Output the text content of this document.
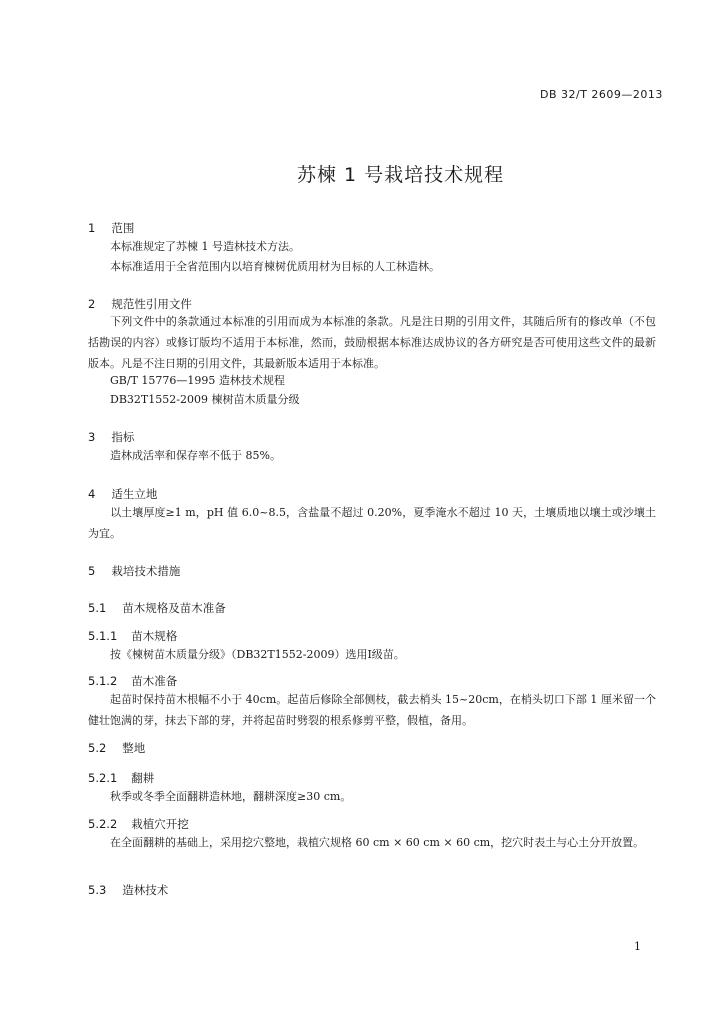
DB 32/T 2609—2013
苏楝 1 号栽培技术规程
1 范围
本标准规定了苏楝 1 号造林技术方法。
本标准适用于全省范围内以培育楝树优质用材为目标的人工林造林。
2 规范性引用文件
下列文件中的条款通过本标准的引用而成为本标准的条款。凡是注日期的引用文件，其随后所有的修改单（不包括勘误的内容）或修订版均不适用于本标准，然而，鼓励根据本标准达成协议的各方研究是否可使用这些文件的最新版本。凡是不注日期的引用文件，其最新版本适用于本标准。
GB/T 15776—1995 造林技术规程
DB32T1552-2009 楝树苗木质量分级
3 指标
造林成活率和保存率不低于 85%。
4 适生立地
以土壤厚度≥1 m，pH 值 6.0~8.5，含盐量不超过 0.20%，夏季淹水不超过 10 天，土壤质地以壤土或沙壤土为宜。
5 栽培技术措施
5.1 苗木规格及苗木准备
5.1.1 苗木规格
按《楝树苗木质量分级》（DB32T1552-2009）选用Ⅰ级苗。
5.1.2 苗木准备
起苗时保持苗木根幅不小于 40cm。起苗后修除全部侧枝，截去梢头 15~20cm，在梢头切口下部 1 厘米留一个健壮饱满的芽，抹去下部的芽，并将起苗时劈裂的根系修剪平整，假植，备用。
5.2 整地
5.2.1 翻耕
秋季或冬季全面翻耕造林地，翻耕深度≥30 cm。
5.2.2 栽植穴开挖
在全面翻耕的基础上，采用挖穴整地，栽植穴规格 60 cm × 60 cm × 60 cm，挖穴时表土与心土分开放置。
5.3 造林技术
1
